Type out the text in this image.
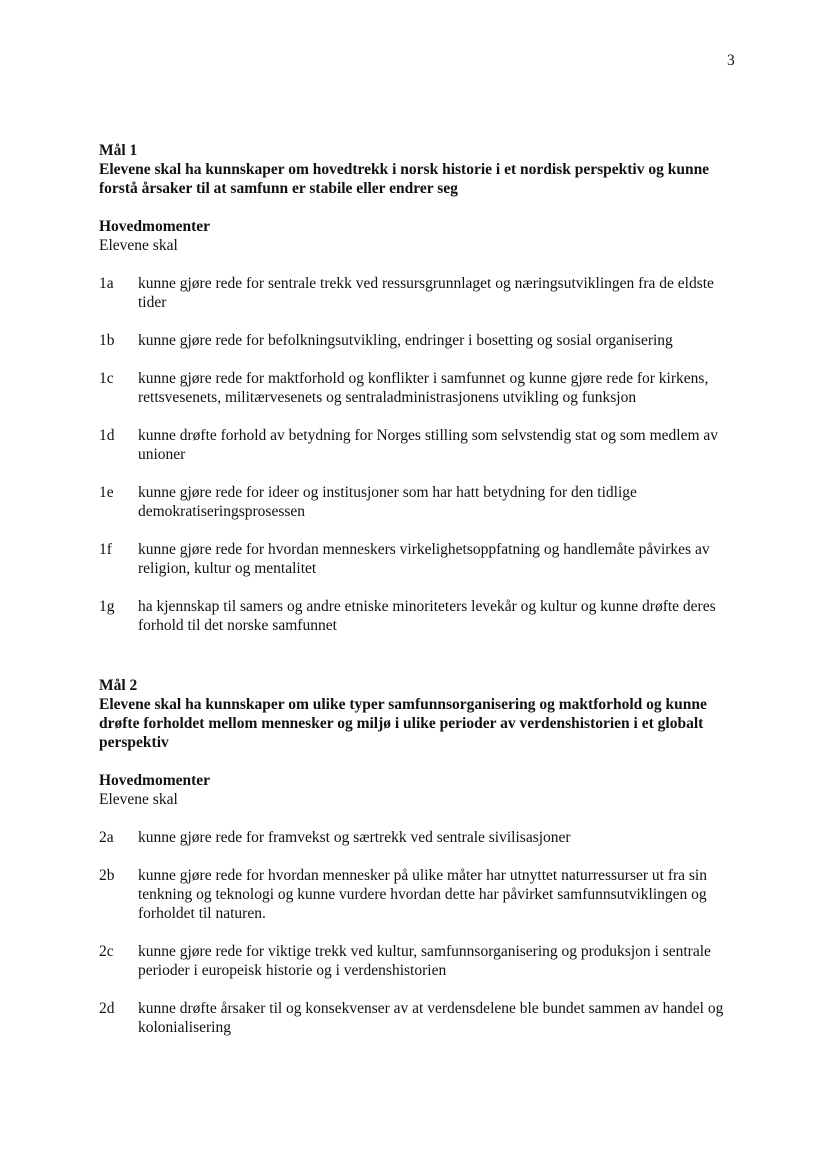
3

Mål 1

Elevene skal ha kunnskaper om hovedtrekk i norsk historie i et nordisk perspektiv og kunne forstå årsaker til at samfunn er stabile eller endrer seg

Hovedmomenter

Elevene skal

1a	kunne gjøre rede for sentrale trekk ved ressursgrunnlaget og næringsutviklingen fra de eldste tider
1b	kunne gjøre rede for befolkningsutvikling, endringer i bosetting og sosial organisering
1c	kunne gjøre rede for maktforhold og konflikter i samfunnet og kunne gjøre rede for kirkens, rettsvesenets, militærvesenets og sentraladministrasjonens utvikling og funksjon
1d	kunne drøfte forhold av betydning for Norges stilling som selvstendig stat og som medlem av unioner
1e	kunne gjøre rede for ideer og institusjoner som har hatt betydning for den tidlige demokratiseringsprosessen
1f	kunne gjøre rede for hvordan menneskers virkelighetsoppfatning og handlemåte påvirkes av religion, kultur og mentalitet
1g	ha kjennskap til samers og andre etniske minoriteters levekår og kultur og kunne drøfte deres forhold til det norske samfunnet

Mål 2

Elevene skal ha kunnskaper om ulike typer samfunnsorganisering og maktforhold og kunne drøfte forholdet mellom mennesker og miljø i ulike perioder av verdenshistorien i et globalt perspektiv

Hovedmomenter

Elevene skal

2a	kunne gjøre rede for framvekst og særtrekk ved sentrale sivilisasjoner
2b	kunne gjøre rede for hvordan mennesker på ulike måter har utnyttet naturressurser ut fra sin tenkning og teknologi og kunne vurdere hvordan dette har påvirket samfunnsutviklingen og forholdet til naturen.
2c	kunne gjøre rede for viktige trekk ved kultur, samfunnsorganisering og produksjon i sentrale perioder i europeisk historie og i verdenshistorien
2d	kunne drøfte årsaker til og konsekvenser av at verdensdelene ble bundet sammen av handel og kolonialisering
